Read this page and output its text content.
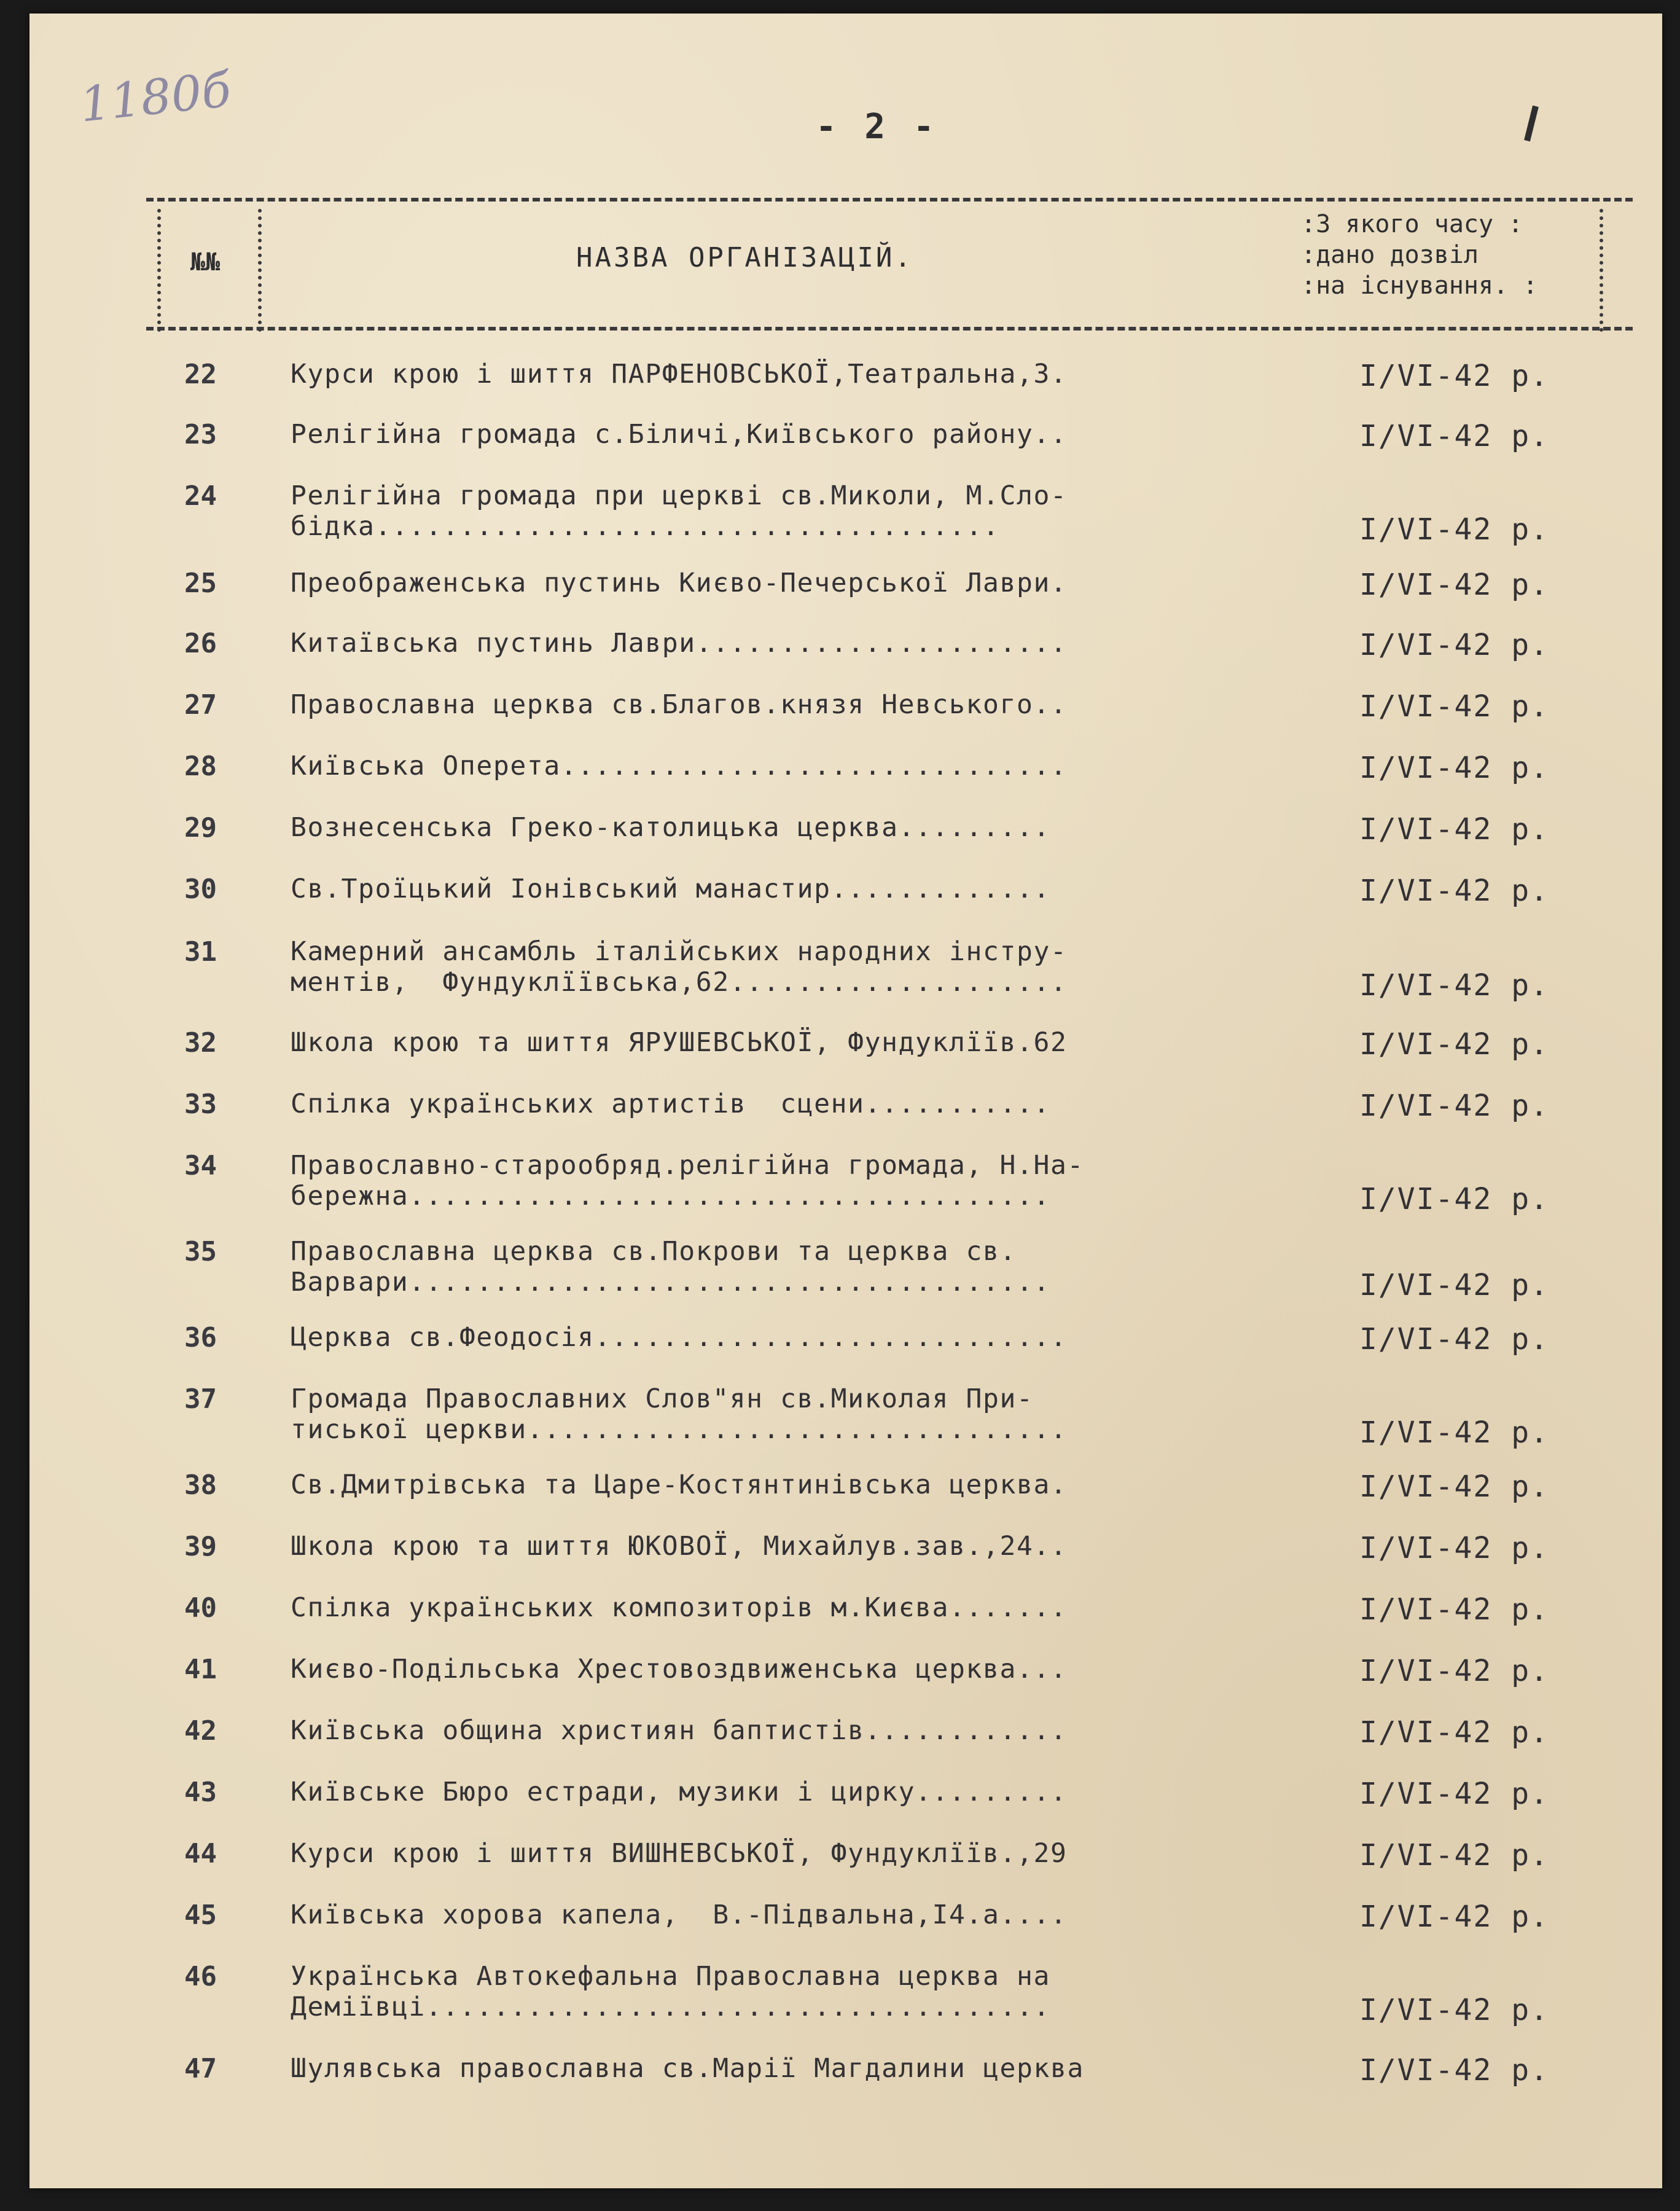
1180б	- 2 -
№№	НАЗВА ОРГАНІЗАЦІЙ.
:З якого часу :
:дано дозвіл
:на існування. :
22	Курси крою і шиття ПАРФЕНОВСЬКОЇ,Театральна,3.	I/VI-42 р.
23	Релігійна громада с.Біличі,Київського району..	I/VI-42 р.
24	Релігійна громада при церкві св.Миколи, М.Сло-
бідка.....................................	I/VI-42 р.
25	Преображенська пустинь Києво-Печерської Лаври.	I/VI-42 р.
26	Китаївська пустинь Лаври......................	I/VI-42 р.
27	Православна церква св.Благов.князя Невського..	I/VI-42 р.
28	Київська Оперета..............................	I/VI-42 р.
29	Вознесенська Греко-католицька церква.........	I/VI-42 р.
30	Св.Троїцький Іонівський манастир.............	I/VI-42 р.
31	Камерний ансамбль італійських народних інстру-
ментів,  Фундуклїївська,62....................	I/VI-42 р.
32	Школа крою та шиття ЯРУШЕВСЬКОЇ, Фундуклїїв.62	I/VI-42 р.
33	Спілка українських артистів  сцени...........	I/VI-42 р.
34	Православно-старообряд.релігійна громада, Н.На-
бережна......................................	I/VI-42 р.
35	Православна церква св.Покрови та церква св.
Варвари......................................	I/VI-42 р.
36	Церква св.Феодосія............................	I/VI-42 р.
37	Громада Православних Слов"ян св.Миколая При-
тиської церкви................................	I/VI-42 р.
38	Св.Дмитрівська та Царе-Костянтинівська церква.	I/VI-42 р.
39	Школа крою та шиття ЮКОВОЇ, Михайлув.зав.,24..	I/VI-42 р.
40	Спілка українських композиторів м.Києва.......	I/VI-42 р.
41	Києво-Подільська Хрестовоздвиженська церква...	I/VI-42 р.
42	Київська община християн баптистів............	I/VI-42 р.
43	Київське Бюро естради, музики і цирку.........	I/VI-42 р.
44	Курси крою і шиття ВИШНЕВСЬКОЇ, Фундуклїїв.,29	I/VI-42 р.
45	Київська хорова капела,  В.-Підвальна,І4.а....	I/VI-42 р.
46	Українська Автокефальна Православна церква на
Деміївці.....................................	I/VI-42 р.
47	Шулявська православна св.Марії Магдалини церква	I/VI-42 р.
